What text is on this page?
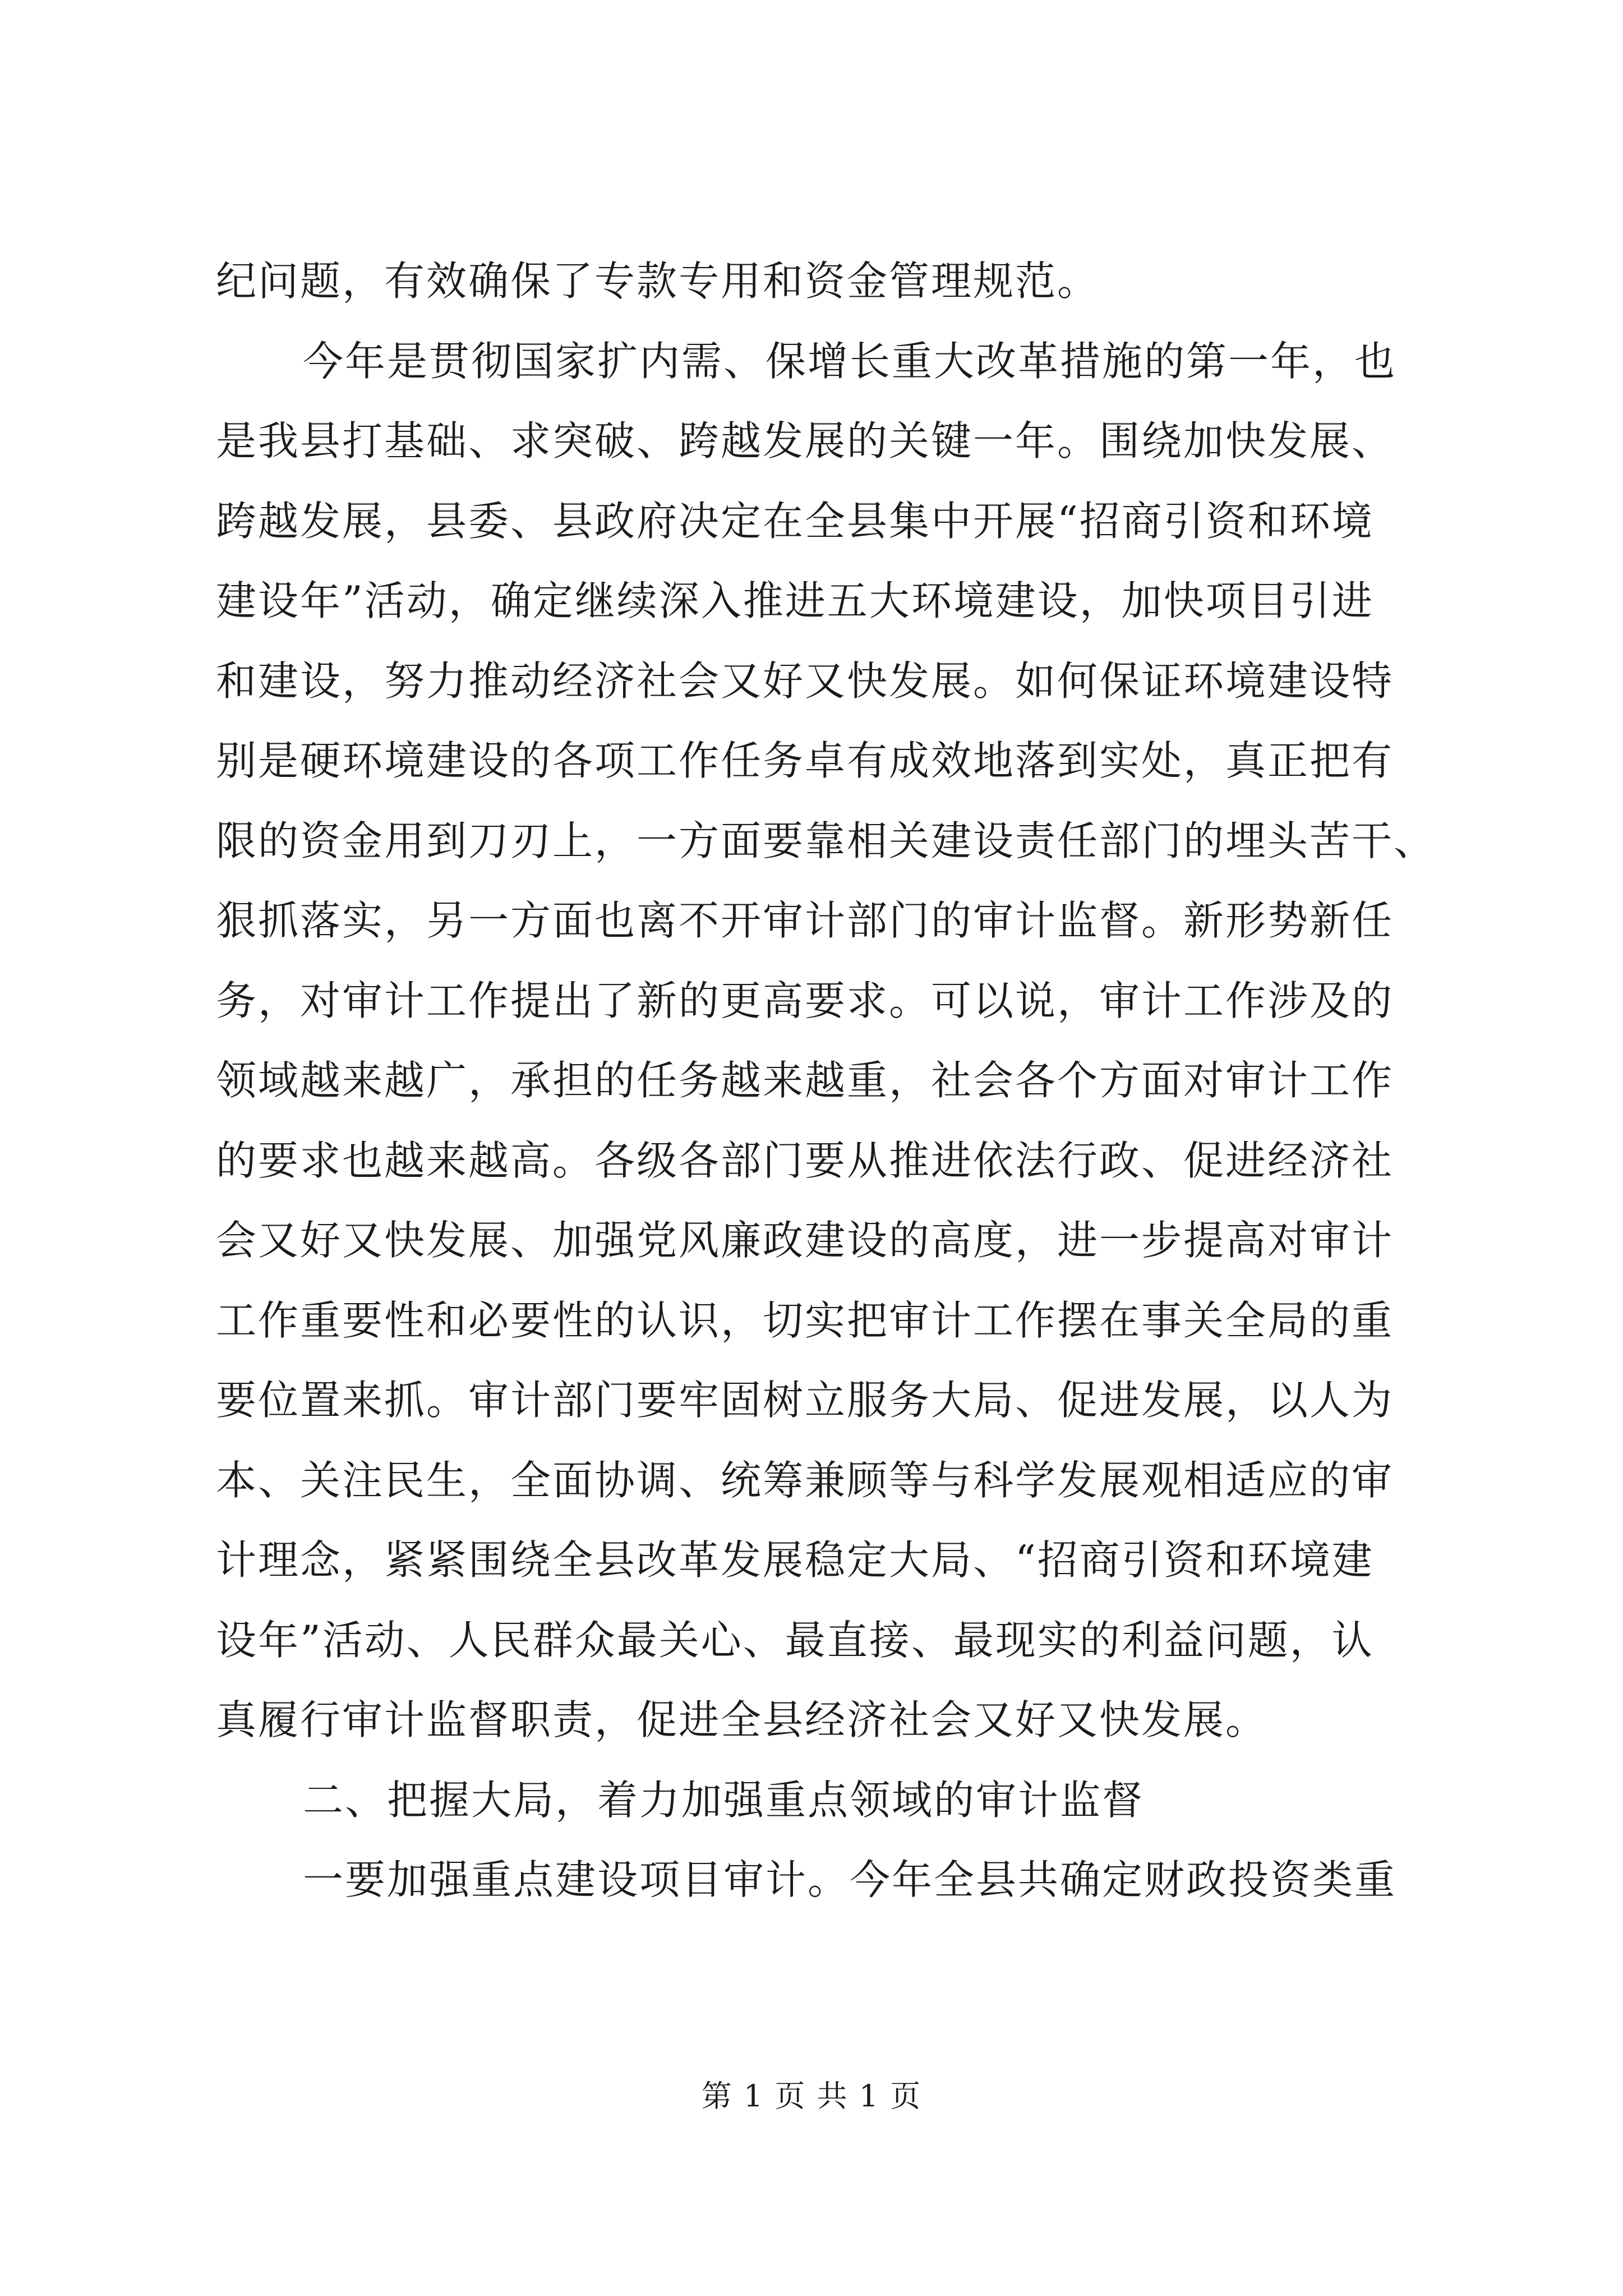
纪问题，有效确保了专款专用和资金管理规范。
今年是贯彻国家扩内需、保增长重大改革措施的第一年，也
是我县打基础、求突破、跨越发展的关键一年。围绕加快发展、
跨越发展，县委、县政府决定在全县集中开展“招商引资和环境
建设年”活动，确定继续深入推进五大环境建设，加快项目引进
和建设，努力推动经济社会又好又快发展。如何保证环境建设特
别是硬环境建设的各项工作任务卓有成效地落到实处，真正把有
限的资金用到刀刃上，一方面要靠相关建设责任部门的埋头苦干、
狠抓落实，另一方面也离不开审计部门的审计监督。新形势新任
务，对审计工作提出了新的更高要求。可以说，审计工作涉及的
领域越来越广，承担的任务越来越重，社会各个方面对审计工作
的要求也越来越高。各级各部门要从推进依法行政、促进经济社
会又好又快发展、加强党风廉政建设的高度，进一步提高对审计
工作重要性和必要性的认识，切实把审计工作摆在事关全局的重
要位置来抓。审计部门要牢固树立服务大局、促进发展，以人为
本、关注民生，全面协调、统筹兼顾等与科学发展观相适应的审
计理念，紧紧围绕全县改革发展稳定大局、“招商引资和环境建
设年”活动、人民群众最关心、最直接、最现实的利益问题，认
真履行审计监督职责，促进全县经济社会又好又快发展。
二、把握大局，着力加强重点领域的审计监督
一要加强重点建设项目审计。今年全县共确定财政投资类重
第 1 页 共 1 页
